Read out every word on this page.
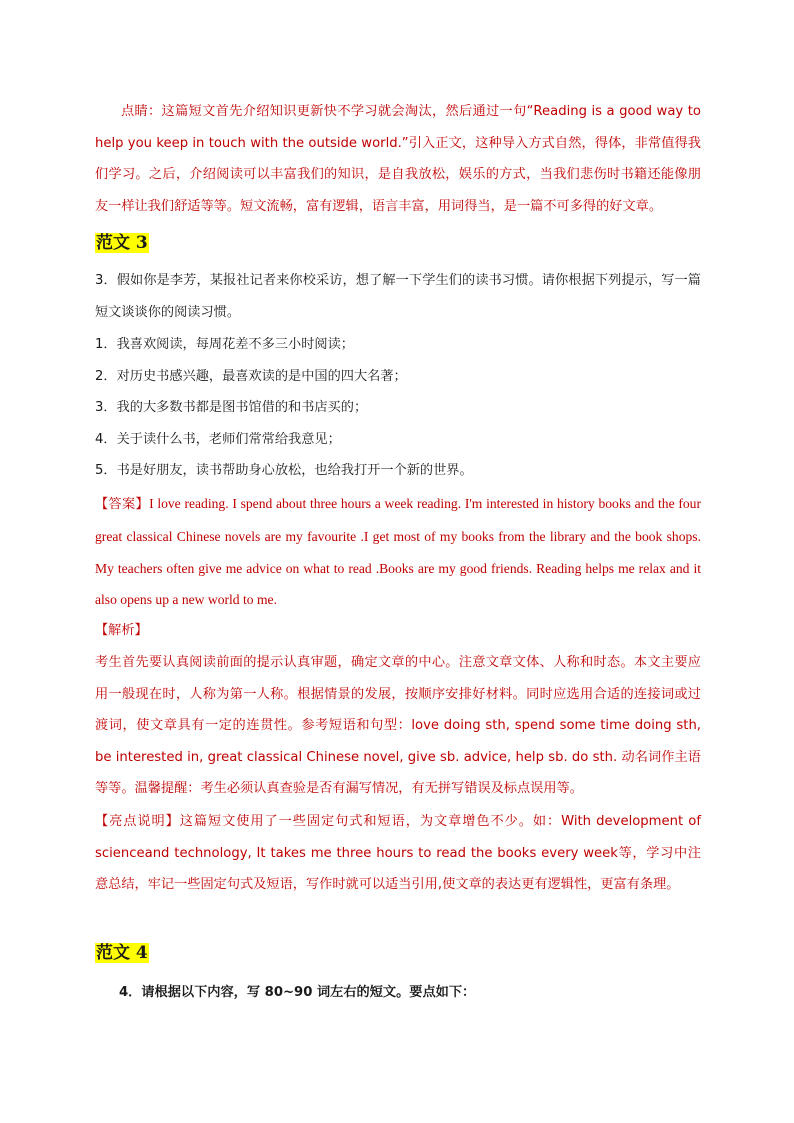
点睛：这篇短文首先介绍知识更新快不学习就会淘汰，然后通过一句“Reading is a good way to help you keep in touch with the outside world.”引入正文，这种导入方式自然，得体，非常值得我们学习。之后，介绍阅读可以丰富我们的知识，是自我放松，娱乐的方式，当我们悲伤时书籍还能像朋友一样让我们舒适等等。短文流畅，富有逻辑，语言丰富，用词得当，是一篇不可多得的好文章。

范文 3

3．假如你是李芳，某报社记者来你校采访，想了解一下学生们的读书习惯。请你根据下列提示，写一篇短文谈谈你的阅读习惯。

1．我喜欢阅读，每周花差不多三小时阅读；
2．对历史书感兴趣，最喜欢读的是中国的四大名著；
3．我的大多数书都是图书馆借的和书店买的；
4．关于读什么书，老师们常常给我意见；
5．书是好朋友，读书帮助身心放松，也给我打开一个新的世界。

【答案】I love reading. I spend about three hours a week reading. I'm interested in history books and the four great classical Chinese novels are my favourite .I get most of my books from the library and the book shops. My teachers often give me advice on what to read .Books are my good friends. Reading helps me relax and it also opens up a new world to me.

【解析】

考生首先要认真阅读前面的提示认真审题，确定文章的中心。注意文章文体、人称和时态。本文主要应用一般现在时，人称为第一人称。根据情景的发展，按顺序安排好材料。同时应选用合适的连接词或过渡词，使文章具有一定的连贯性。参考短语和句型：love doing sth, spend some time doing sth, be interested in, great classical Chinese novel, give sb. advice, help sb. do sth. 动名词作主语等等。温馨提醒：考生必须认真查验是否有漏写情况，有无拼写错误及标点误用等。

【亮点说明】这篇短文使用了一些固定句式和短语，为文章增色不少。如：With development of scienceand technology, It takes me three hours to read the books every week等，学习中注意总结，牢记一些固定句式及短语，写作时就可以适当引用,使文章的表达更有逻辑性，更富有条理。

范文 4

4．请根据以下内容，写 80~90 词左右的短文。要点如下：
